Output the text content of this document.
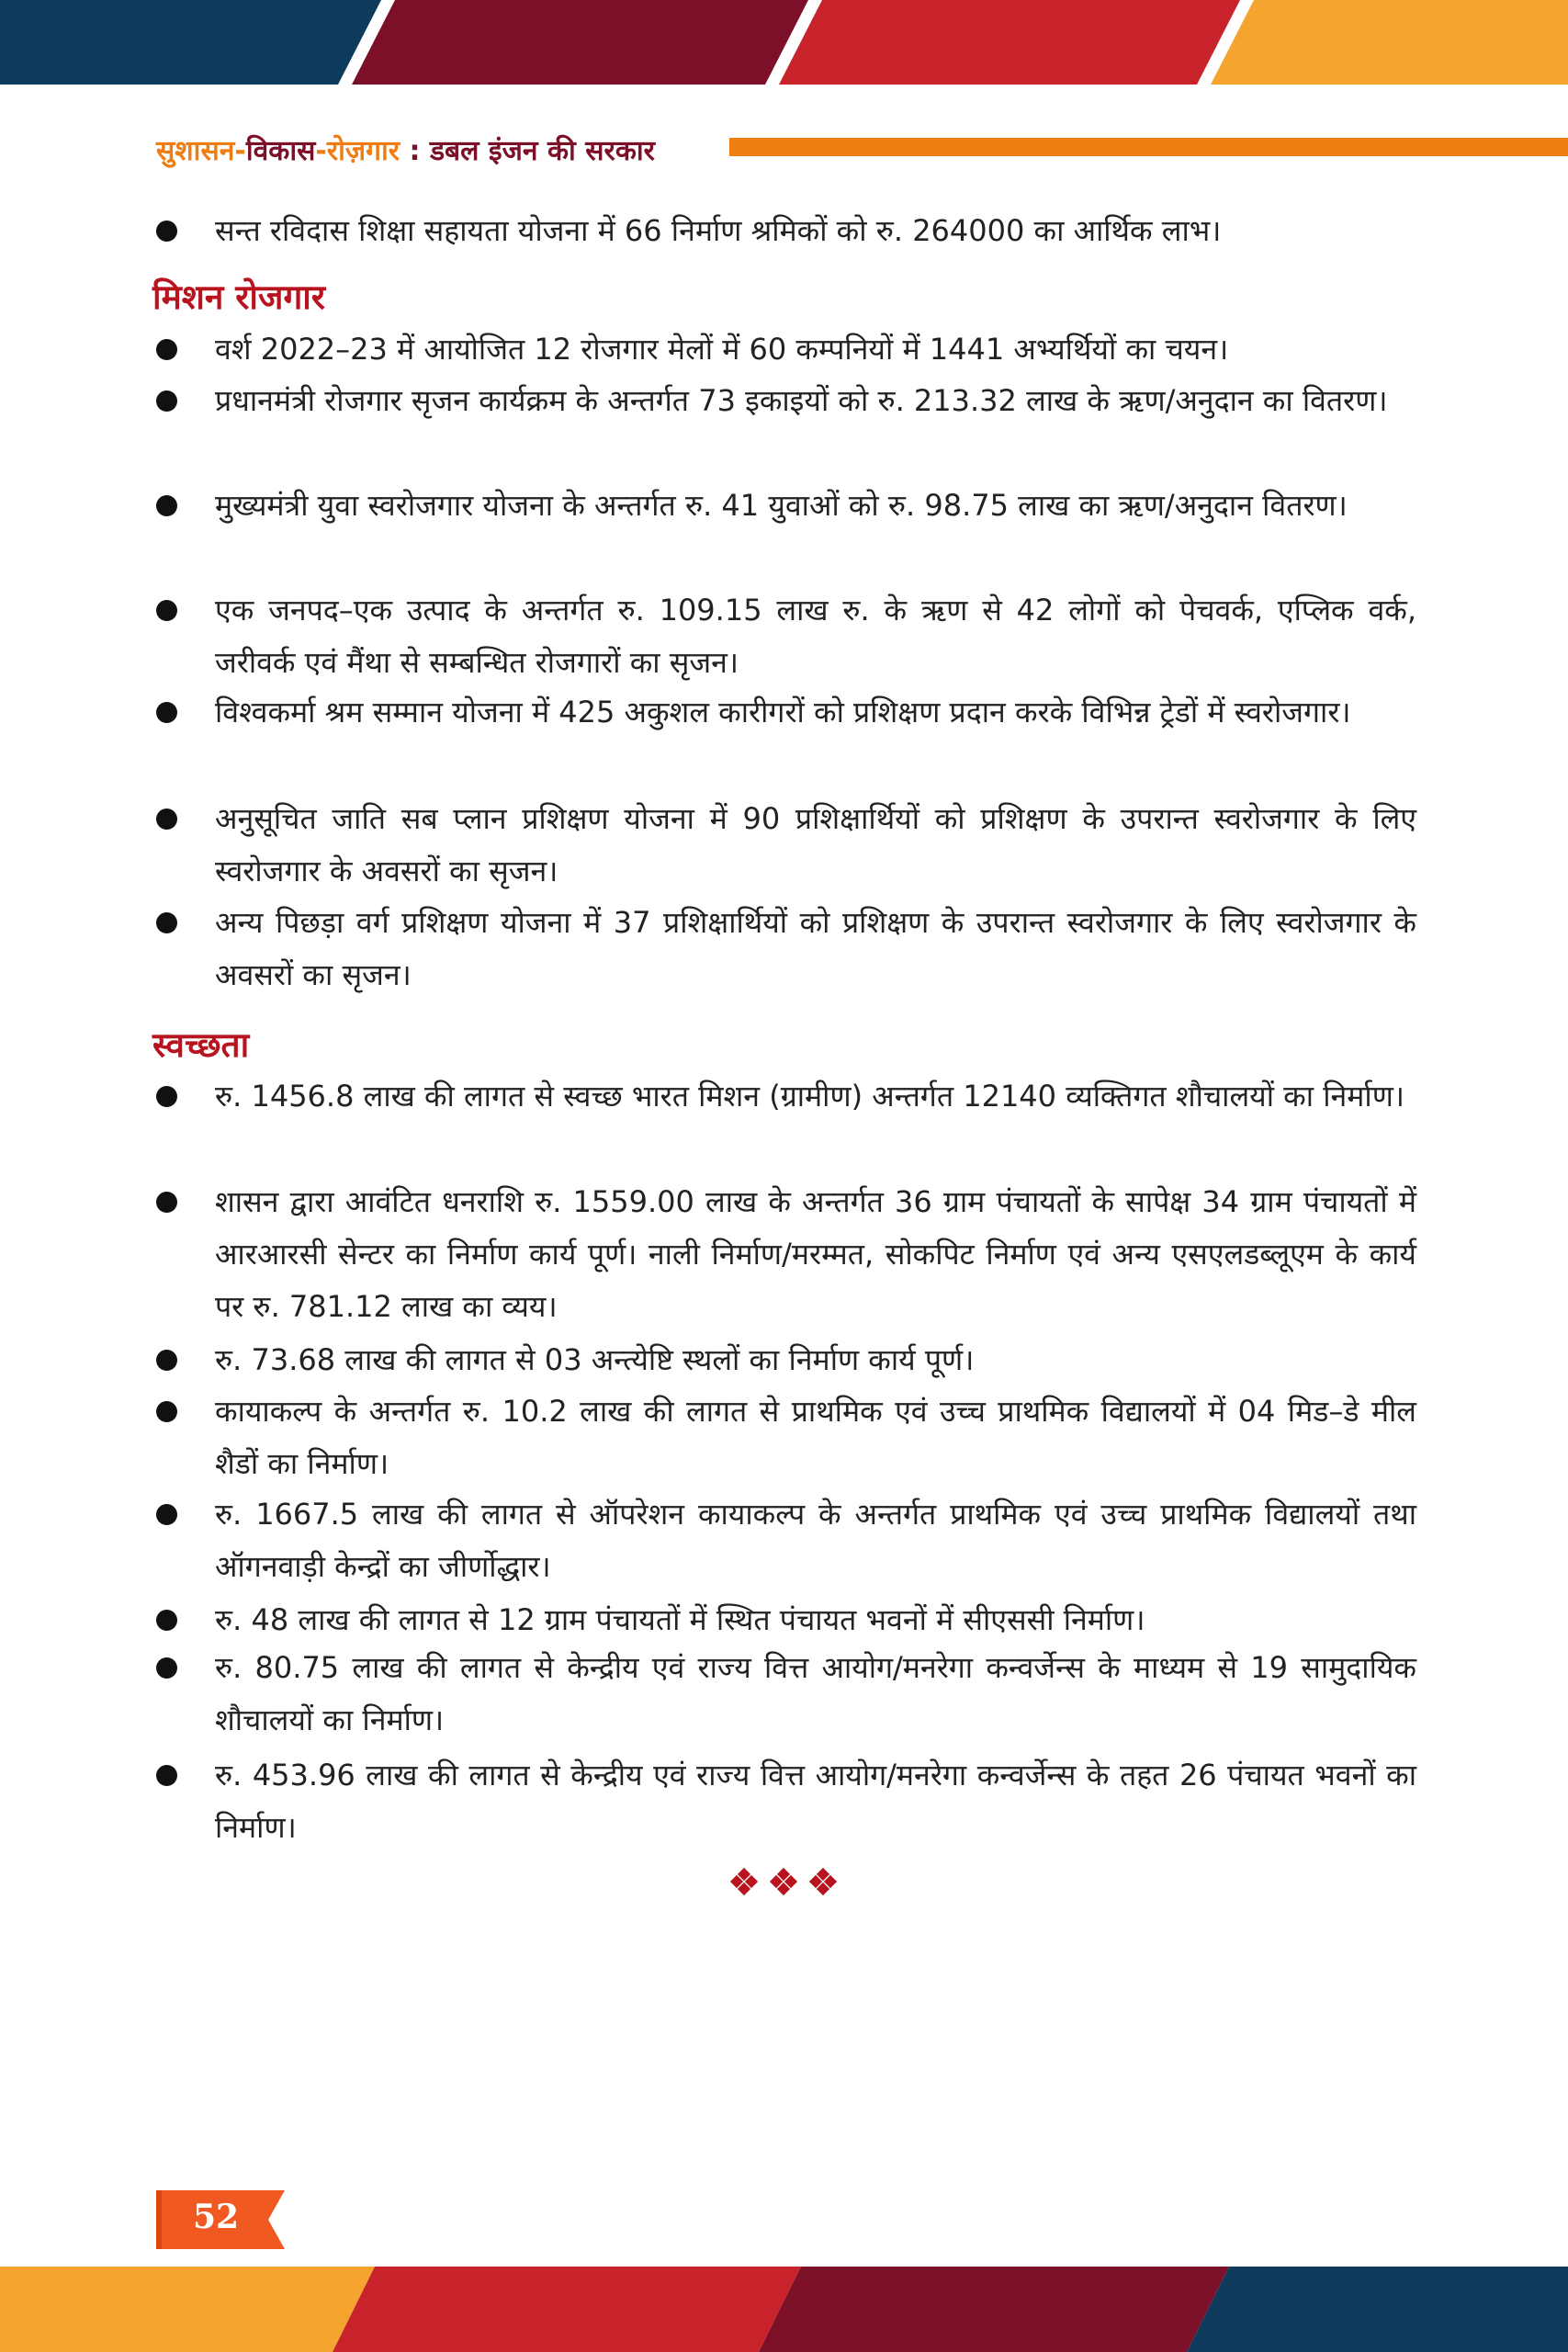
सुशासन-विकास-रोज़गार : डबल इंजन की सरकार
सन्त रविदास शिक्षा सहायता योजना में 66 निर्माण श्रमिकों को रु. 264000 का आर्थिक लाभ।
मिशन रोजगार
वर्श 2022–23 में आयोजित 12 रोजगार मेलों में 60 कम्पनियों में 1441 अभ्यर्थियों का चयन।
प्रधानमंत्री रोजगार सृजन कार्यक्रम के अन्तर्गत 73 इकाइयों को रु. 213.32 लाख के ऋण/अनुदान का वितरण।
मुख्यमंत्री युवा स्वरोजगार योजना के अन्तर्गत रु. 41 युवाओं को रु. 98.75 लाख का ऋण/अनुदान वितरण।
एक जनपद–एक उत्पाद के अन्तर्गत रु. 109.15 लाख रु. के ऋण से 42 लोगों को पेचवर्क, एप्लिक वर्क, जरीवर्क एवं मैंथा से सम्बन्धित रोजगारों का सृजन।
विश्वकर्मा श्रम सम्मान योजना में 425 अकुशल कारीगरों को प्रशिक्षण प्रदान करके विभिन्न ट्रेडों में स्वरोजगार।
अनुसूचित जाति सब प्लान प्रशिक्षण योजना में 90 प्रशिक्षार्थियों को प्रशिक्षण के उपरान्त स्वरोजगार के लिए स्वरोजगार के अवसरों का सृजन।
अन्य पिछड़ा वर्ग प्रशिक्षण योजना में 37 प्रशिक्षार्थियों को प्रशिक्षण के उपरान्त स्वरोजगार के लिए स्वरोजगार के अवसरों का सृजन।
स्वच्छता
रु. 1456.8 लाख की लागत से स्वच्छ भारत मिशन (ग्रामीण) अन्तर्गत 12140 व्यक्तिगत शौचालयों का निर्माण।
शासन द्वारा आवंटित धनराशि रु. 1559.00 लाख के अन्तर्गत 36 ग्राम पंचायतों के सापेक्ष 34 ग्राम पंचायतों में आरआरसी सेन्टर का निर्माण कार्य पूर्ण। नाली निर्माण/मरम्मत, सोकपिट निर्माण एवं अन्य एसएलडब्लूएम के कार्य पर रु. 781.12 लाख का व्यय।
रु. 73.68 लाख की लागत से 03 अन्त्येष्टि स्थलों का निर्माण कार्य पूर्ण।
कायाकल्प के अन्तर्गत रु. 10.2 लाख की लागत से प्राथमिक एवं उच्च प्राथमिक विद्यालयों में 04 मिड–डे मील शैडों का निर्माण।
रु. 1667.5 लाख की लागत से ऑपरेशन कायाकल्प के अन्तर्गत प्राथमिक एवं उच्च प्राथमिक विद्यालयों तथा ऑगनवाड़ी केन्द्रों का जीर्णोद्धार।
रु. 48 लाख की लागत से 12 ग्राम पंचायतों में स्थित पंचायत भवनों में सीएससी निर्माण।
रु. 80.75 लाख की लागत से केन्द्रीय एवं राज्य वित्त आयोग/मनरेगा कन्वर्जेन्स के माध्यम से 19 सामुदायिक शौचालयों का निर्माण।
रु. 453.96 लाख की लागत से केन्द्रीय एवं राज्य वित्त आयोग/मनरेगा कन्वर्जेन्स के तहत 26 पंचायत भवनों का निर्माण।
52
